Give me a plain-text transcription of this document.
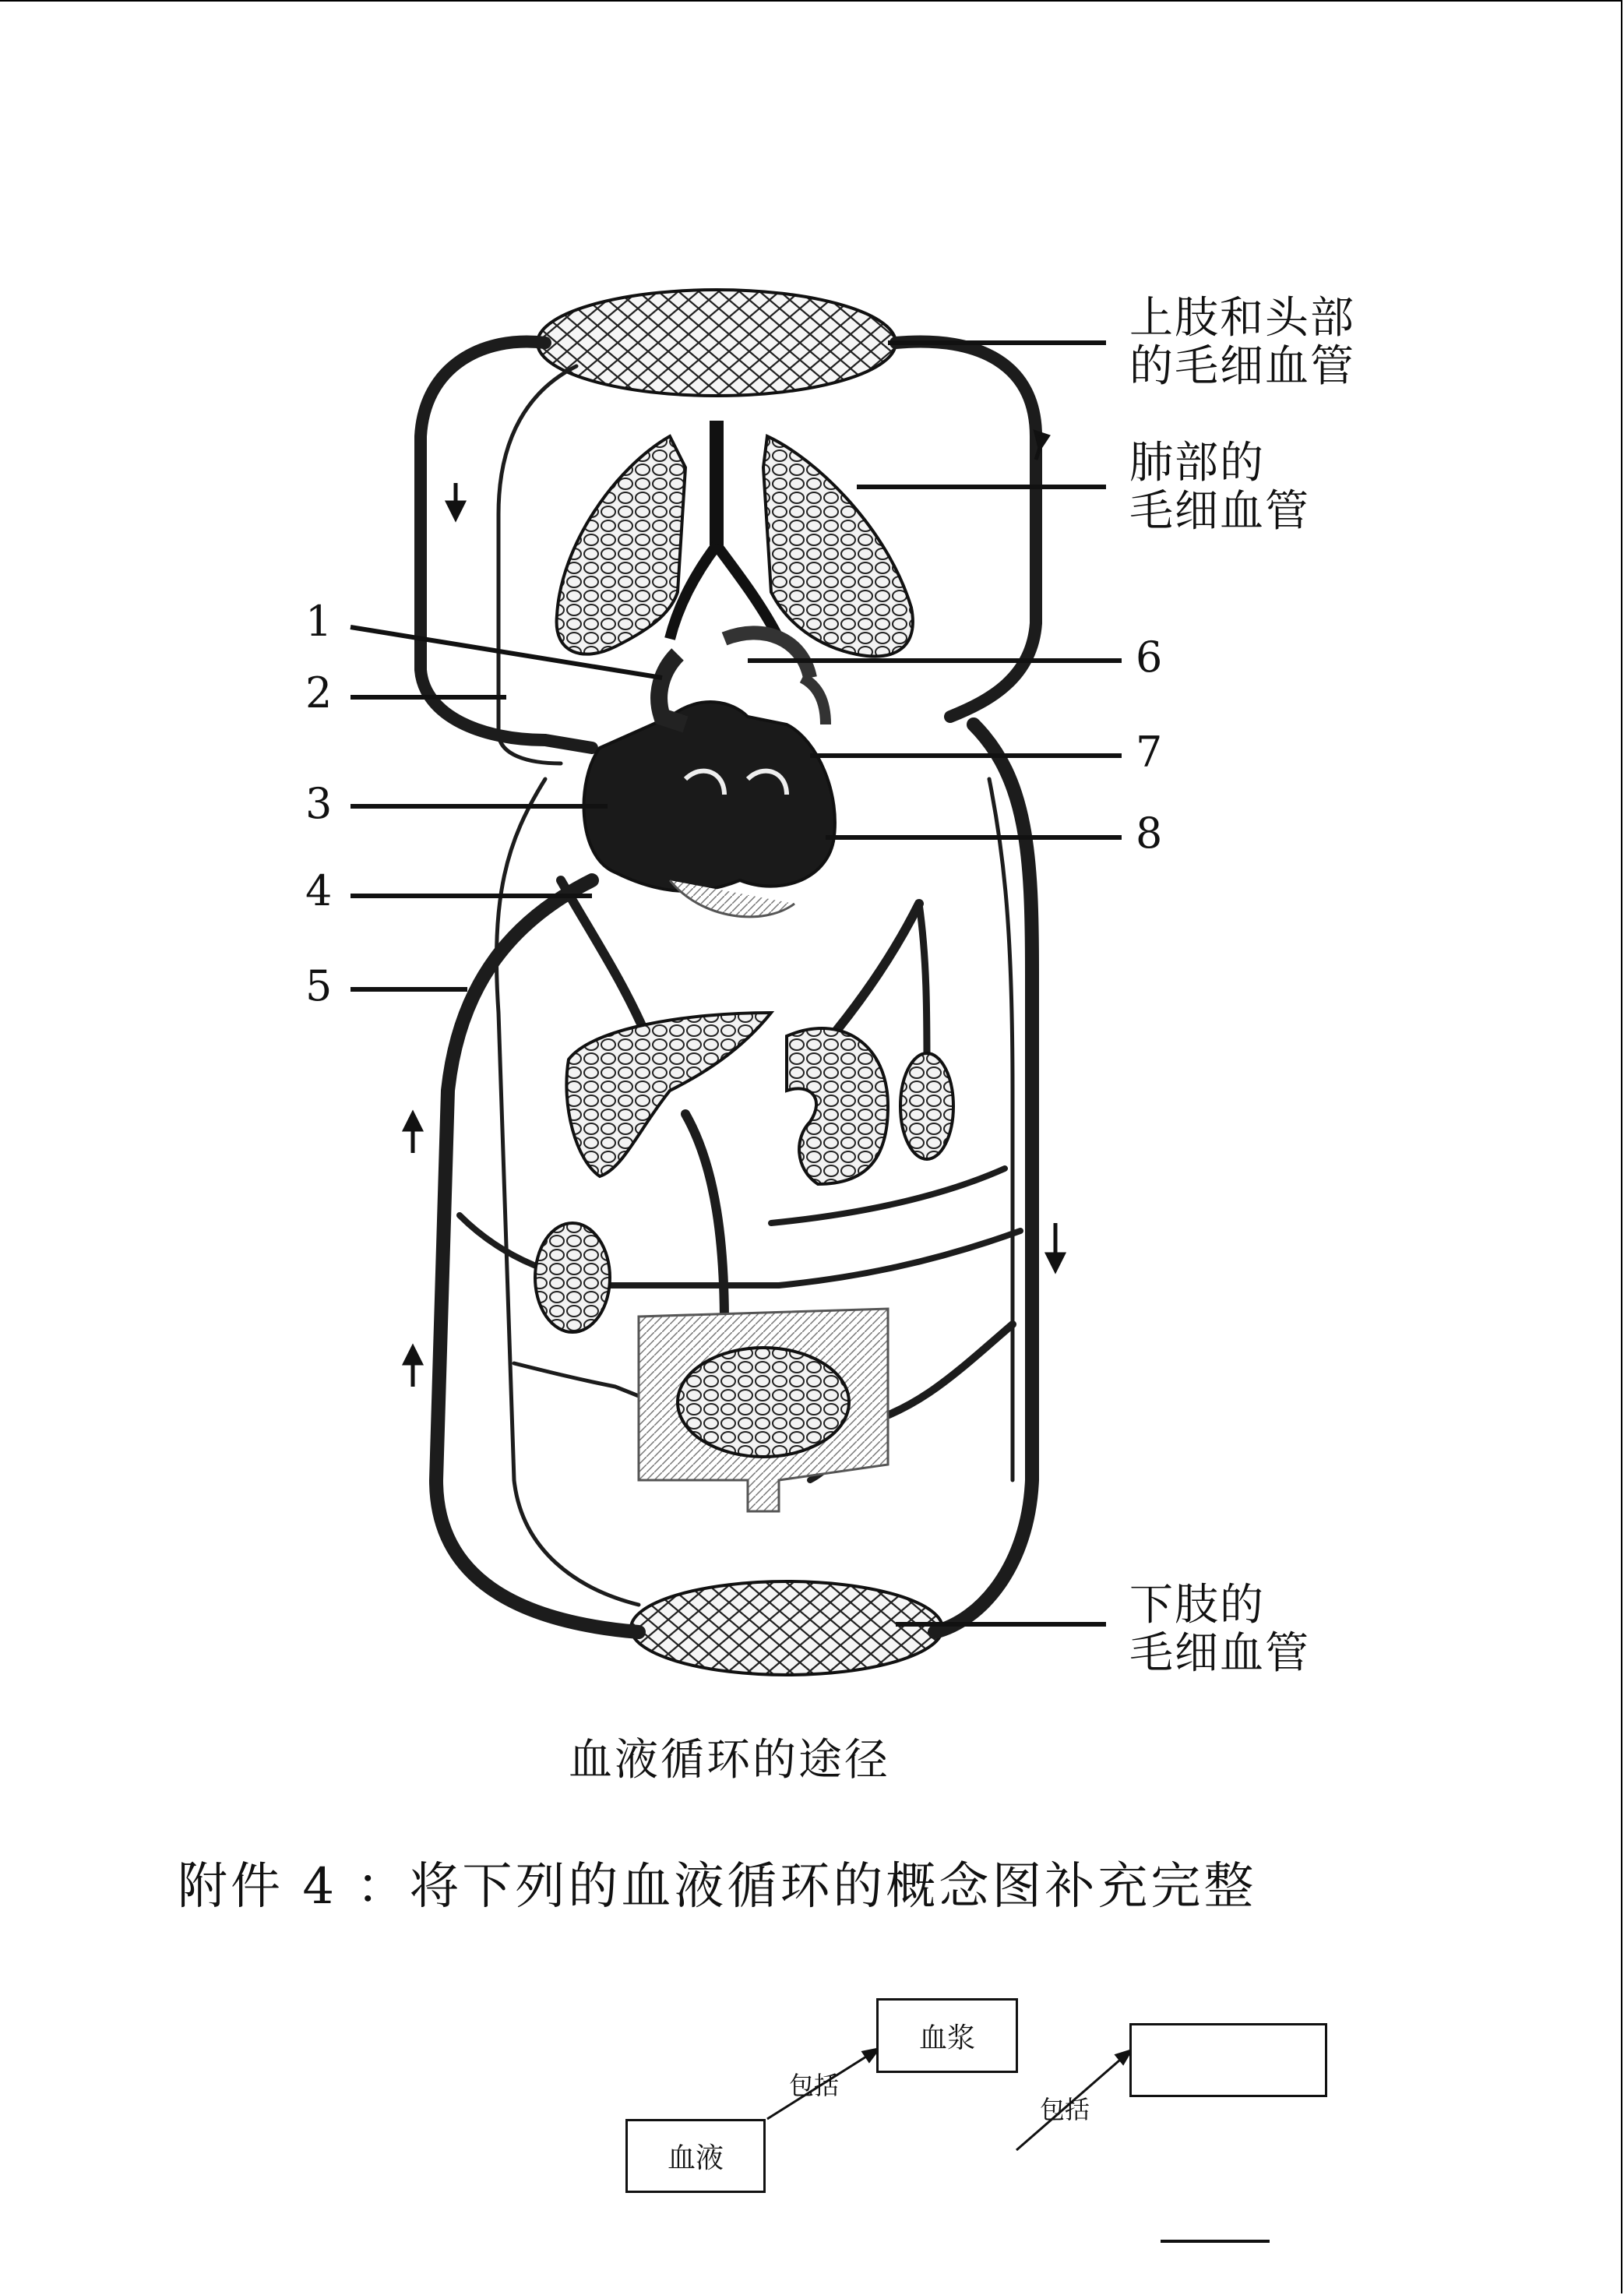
上肢和头部
的毛细血管
肺部的
毛细血管
下肢的
毛细血管
1
2
3
4
5
6
7
8
血液循环的途径
附件 4 ：将下列的血液循环的概念图补充完整
血液
血浆
包括
包括
